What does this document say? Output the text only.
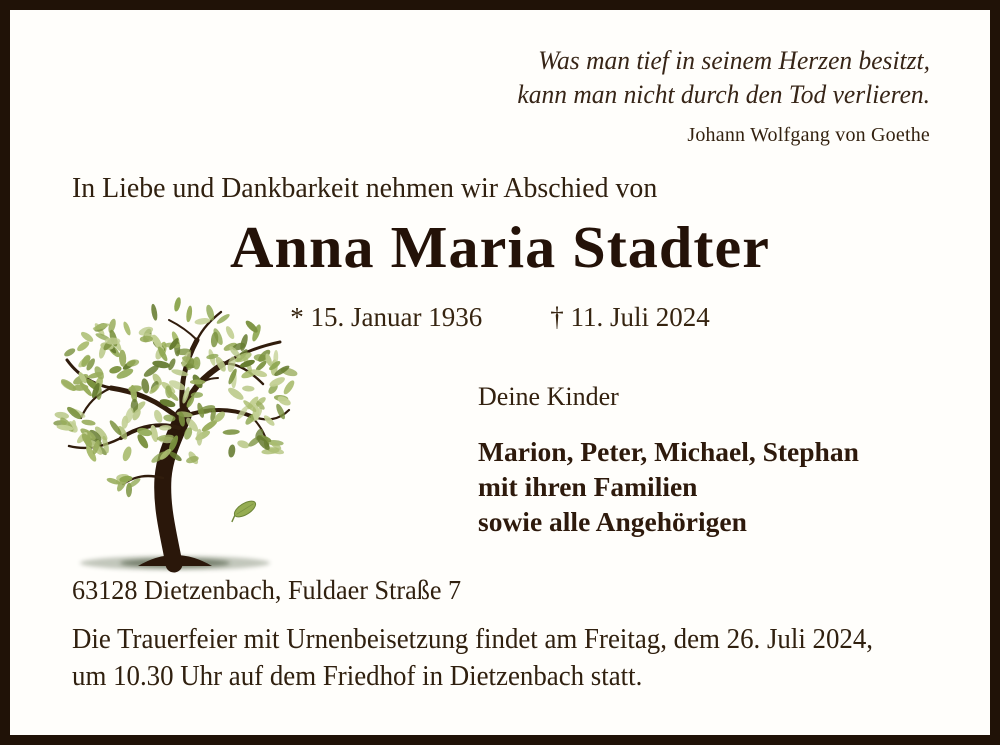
Was man tief in seinem Herzen besitzt,
kann man nicht durch den Tod verlieren.
Johann Wolfgang von Goethe
In Liebe und Dankbarkeit nehmen wir Abschied von
Anna Maria Stadter
* 15. Januar 1936	† 11. Juli 2024
Deine Kinder
Marion, Peter, Michael, Stephan
mit ihren Familien
sowie alle Angehörigen
63128 Dietzenbach, Fuldaer Straße 7
Die Trauerfeier mit Urnenbeisetzung findet am Freitag, dem 26. Juli 2024,
um 10.30 Uhr auf dem Friedhof in Dietzenbach statt.
